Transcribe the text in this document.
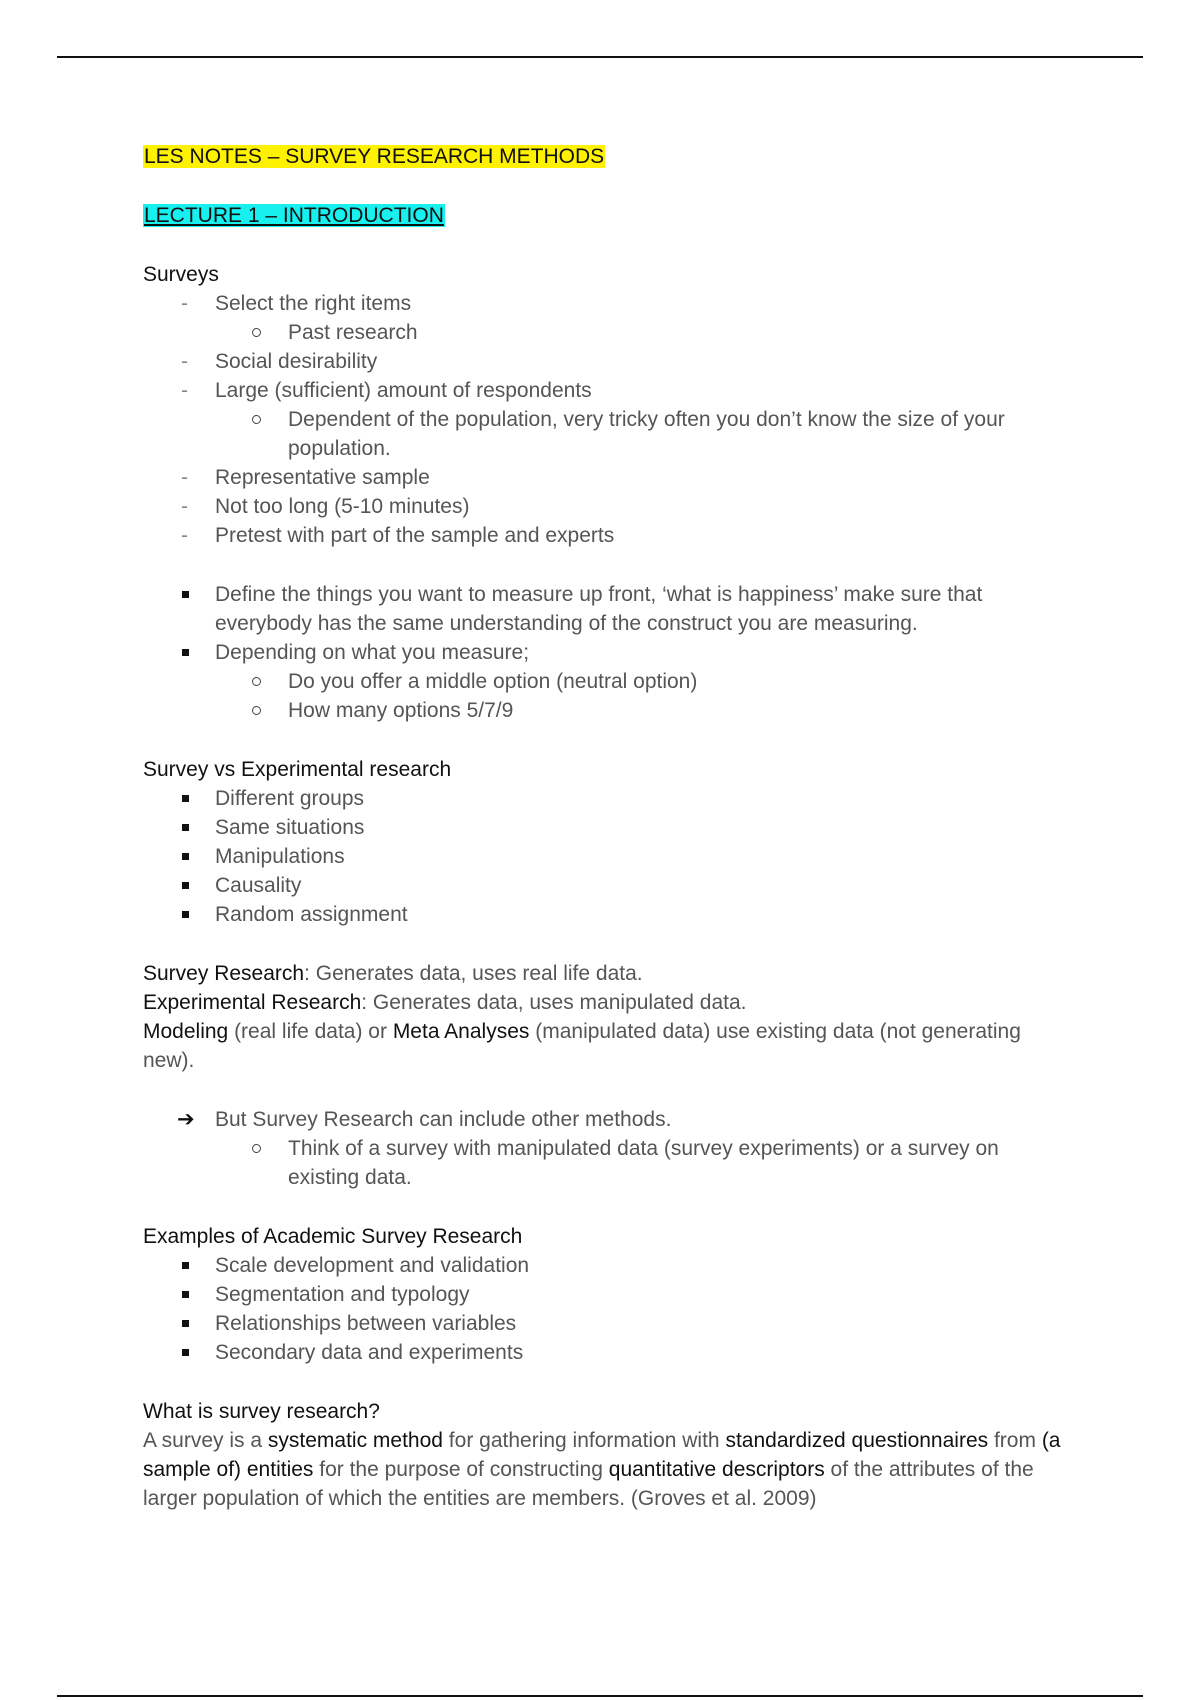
LES NOTES – SURVEY RESEARCH METHODS

LECTURE 1 – INTRODUCTION

Surveys

- Select the right items
Past research
- Social desirability
- Large (sufficient) amount of respondents
Dependent of the population, very tricky often you don’t know the size of your population.
- Representative sample
- Not too long (5-10 minutes)
- Pretest with part of the sample and experts
Define the things you want to measure up front, ‘what is happiness’ make sure that everybody has the same understanding of the construct you are measuring.
Depending on what you measure;
Do you offer a middle option (neutral option)
How many options 5/7/9

Survey vs Experimental research

Different groups
Same situations
Manipulations
Causality
Random assignment

Survey Research: Generates data, uses real life data.

Experimental Research: Generates data, uses manipulated data.

Modeling (real life data) or Meta Analyses (manipulated data) use existing data (not generating new).

➔ But Survey Research can include other methods.
Think of a survey with manipulated data (survey experiments) or a survey on existing data.

Examples of Academic Survey Research

Scale development and validation
Segmentation and typology
Relationships between variables
Secondary data and experiments

What is survey research?

A survey is a systematic method for gathering information with standardized questionnaires from (a sample of) entities for the purpose of constructing quantitative descriptors of the attributes of the larger population of which the entities are members. (Groves et al. 2009)
